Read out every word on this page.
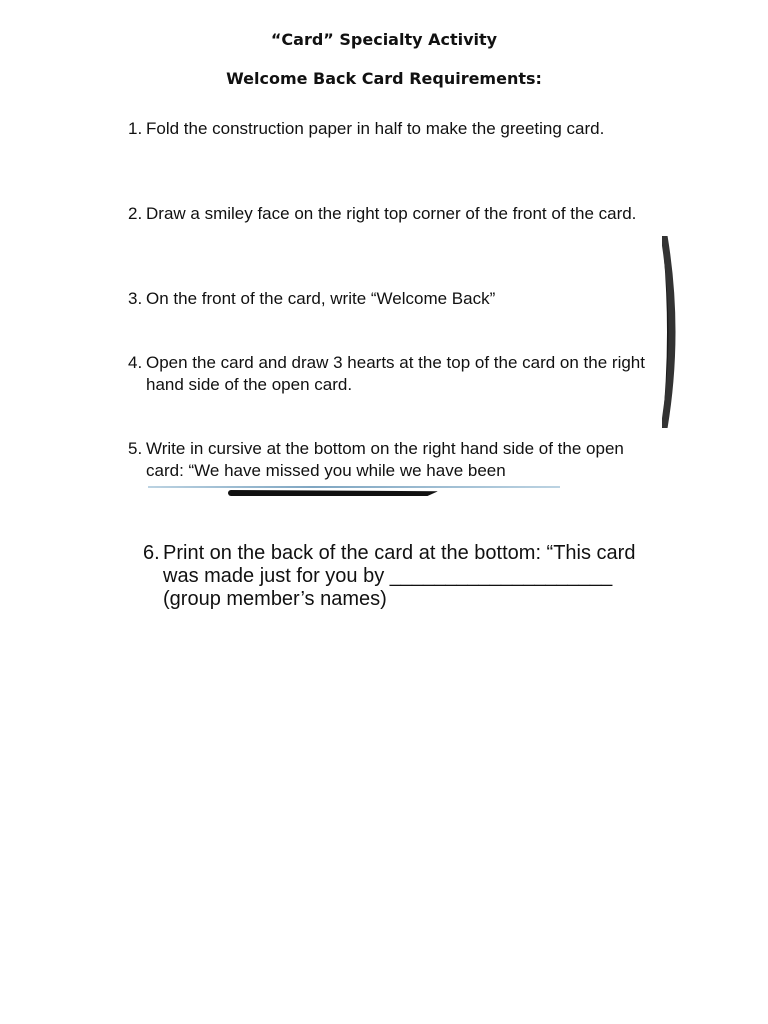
“Card” Specialty Activity
Welcome Back Card Requirements:
1. Fold the construction paper in half to make the greeting card.
2. Draw a smiley face on the right top corner of the front of the card.
3. On the front of the card, write “Welcome Back”
4. Open the card and draw 3 hearts at the top of the card on the right hand side of the open card.
5. Write in cursive at the bottom on the right hand side of the open card: “We have missed you while we have been
6. Print on the back of the card at the bottom: “This card was made just for you by ____________________ (group member’s names)
